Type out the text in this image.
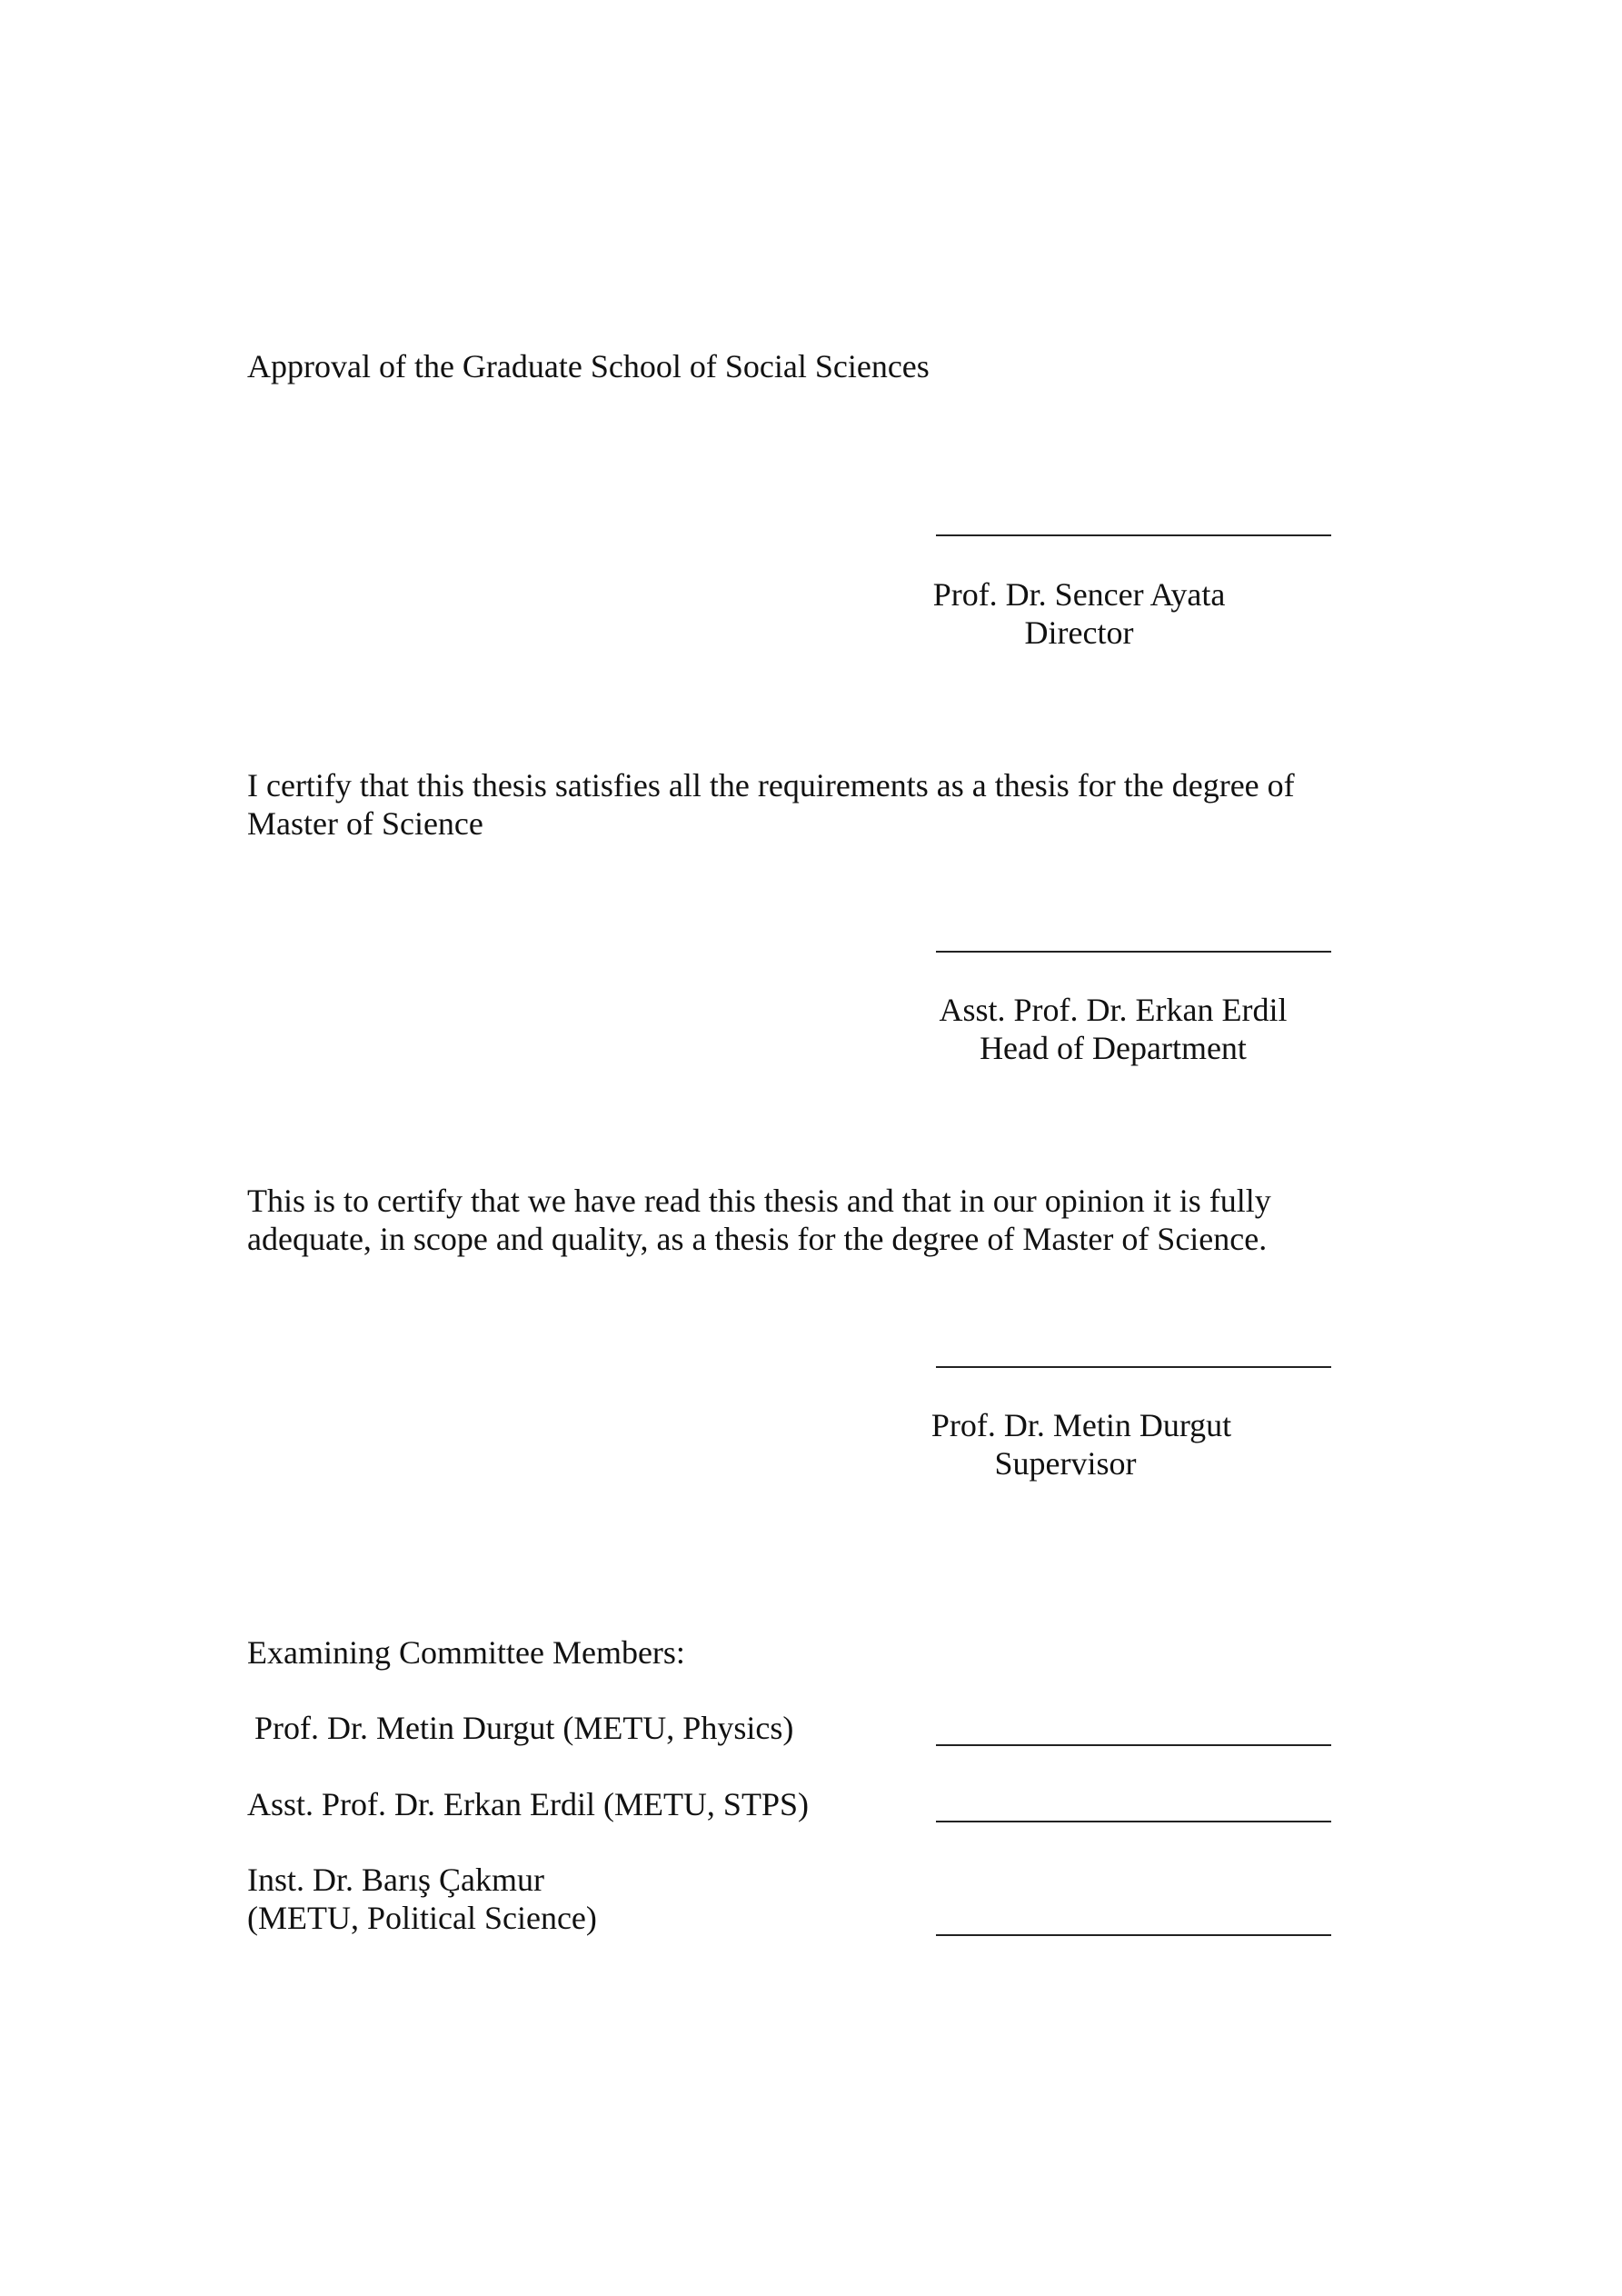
Approval of the Graduate School of Social Sciences
Prof. Dr. Sencer Ayata
Director
I certify that this thesis satisfies all the requirements as a thesis for the degree of
Master of Science
Asst. Prof. Dr. Erkan Erdil
Head of Department
This is to certify that we have read this thesis and that in our opinion it is fully
adequate, in scope and quality, as a thesis for the degree of Master of Science.
Prof. Dr. Metin Durgut
Supervisor
Examining Committee Members:
Prof. Dr. Metin Durgut (METU, Physics)
Asst. Prof. Dr. Erkan Erdil (METU, STPS)
Inst. Dr. Barış Çakmur
(METU, Political Science)
